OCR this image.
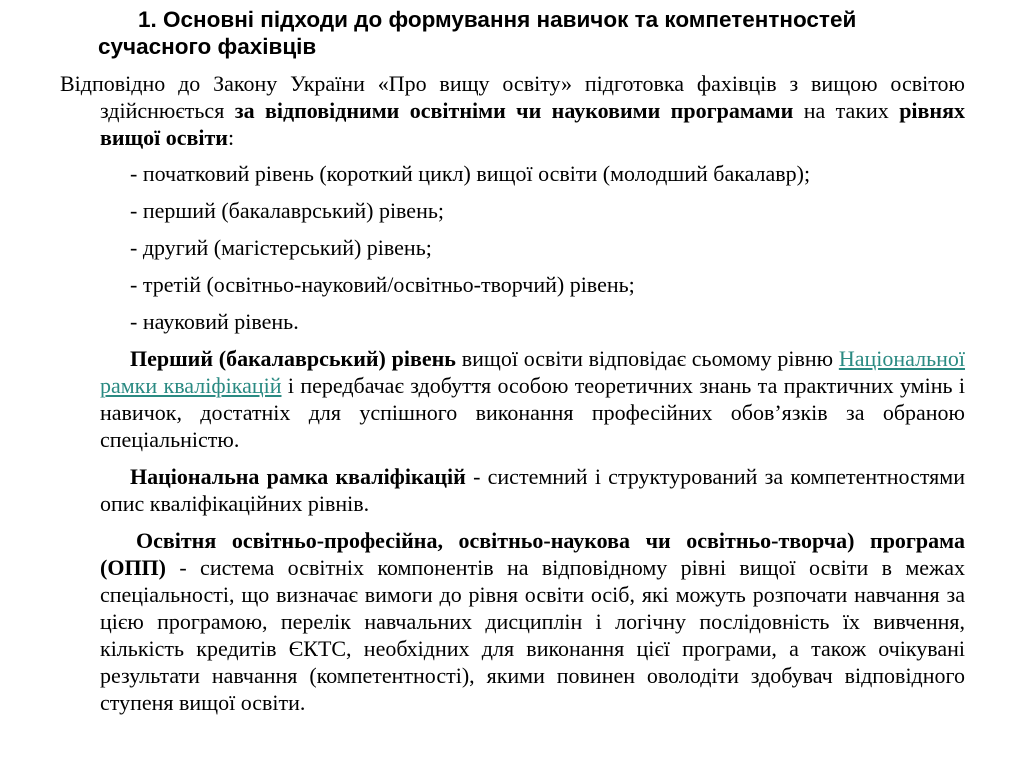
1. Основні підходи до формування навичок та компетентностей
сучасного фахівців

Відповідно до Закону України «Про вищу освіту» підготовка фахівців з вищою освітою здійснюється за відповідними освітніми чи науковими програмами на таких рівнях вищої освіти:

- початковий рівень (короткий цикл) вищої освіти (молодший бакалавр);

- перший (бакалаврський) рівень;

- другий (магістерський) рівень;

- третій (освітньо-науковий/освітньо-творчий) рівень;

- науковий рівень.

Перший (бакалаврський) рівень вищої освіти відповідає сьомому рівню Національної рамки кваліфікацій і передбачає здобуття особою теоретичних знань та практичних умінь і навичок, достатніх для успішного виконання професійних обов’язків за обраною спеціальністю.

Національна рамка кваліфікацій - системний і структурований за компетентностями опис кваліфікаційних рівнів.

Освітня освітньо-професійна, освітньо-наукова чи освітньо-творча) програма (ОПП) - система освітніх компонентів на відповідному рівні вищої освіти в межах спеціальності, що визначає вимоги до рівня освіти осіб, які можуть розпочати навчання за цією програмою, перелік навчальних дисциплін і логічну послідовність їх вивчення, кількість кредитів ЄКТС, необхідних для виконання цієї програми, а також очікувані результати навчання (компетентності), якими повинен оволодіти здобувач відповідного ступеня вищої освіти.
